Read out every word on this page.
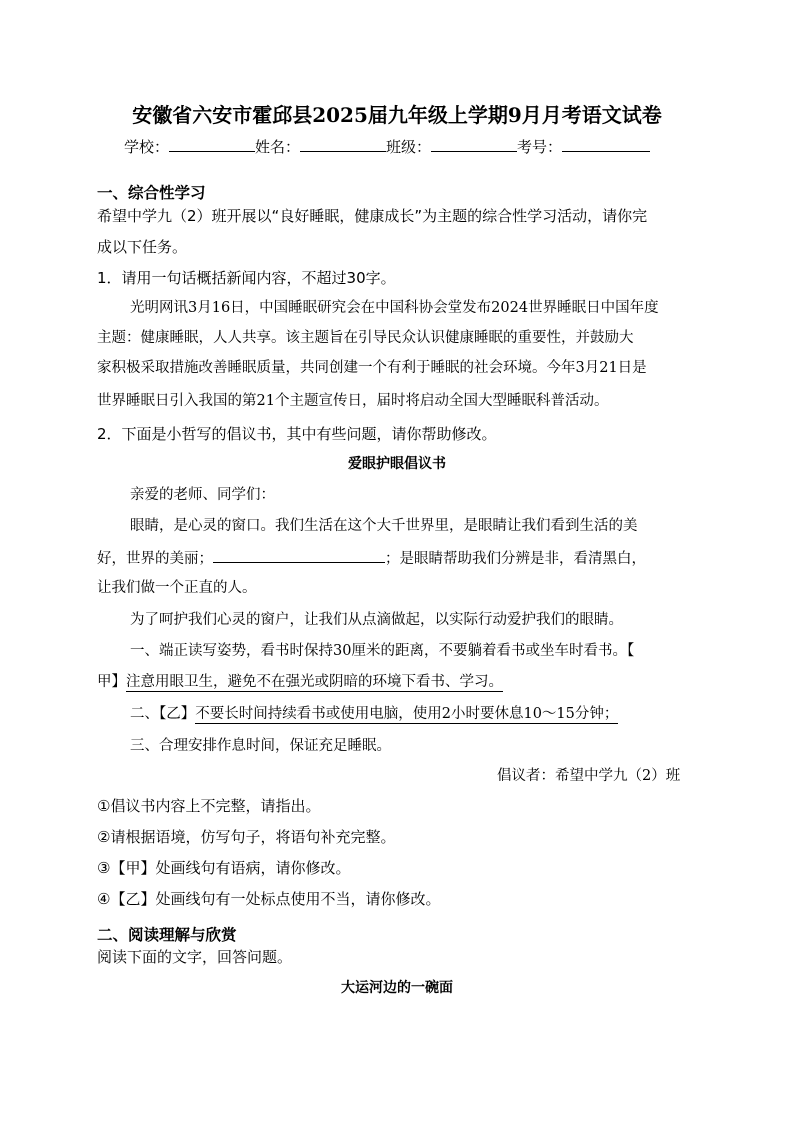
安徽省六安市霍邱县2025届九年级上学期9月月考语文试卷
学校：	姓名：	班级：	考号：
一、综合性学习
希望中学九（2）班开展以“良好睡眠，健康成长”为主题的综合性学习活动，请你完
成以下任务。
1．请用一句话概括新闻内容，不超过30字。
光明网讯3月16日，中国睡眠研究会在中国科协会堂发布2024世界睡眠日中国年度
主题：健康睡眠，人人共享。该主题旨在引导民众认识健康睡眠的重要性，并鼓励大
家积极采取措施改善睡眠质量，共同创建一个有利于睡眠的社会环境。今年3月21日是
世界睡眠日引入我国的第21个主题宣传日，届时将启动全国大型睡眠科普活动。
2．下面是小哲写的倡议书，其中有些问题，请你帮助修改。
爱眼护眼倡议书
亲爱的老师、同学们：
眼睛，是心灵的窗口。我们生活在这个大千世界里，是眼睛让我们看到生活的美
好，世界的美丽；	；是眼睛帮助我们分辨是非，看清黑白，
让我们做一个正直的人。
为了呵护我们心灵的窗户，让我们从点滴做起，以实际行动爱护我们的眼睛。
一、端正读写姿势，看书时保持30厘米的距离，不要躺着看书或坐车时看书。【
甲】注意用眼卫生，避免不在强光或阴暗的环境下看书、学习。
二、【乙】不要长时间持续看书或使用电脑，使用2小时要休息10～15分钟；
三、合理安排作息时间，保证充足睡眠。
倡议者：希望中学九（2）班
①倡议书内容上不完整，请指出。
②请根据语境，仿写句子，将语句补充完整。
③【甲】处画线句有语病，请你修改。
④【乙】处画线句有一处标点使用不当，请你修改。
二、阅读理解与欣赏
阅读下面的文字，回答问题。
大运河边的一碗面
